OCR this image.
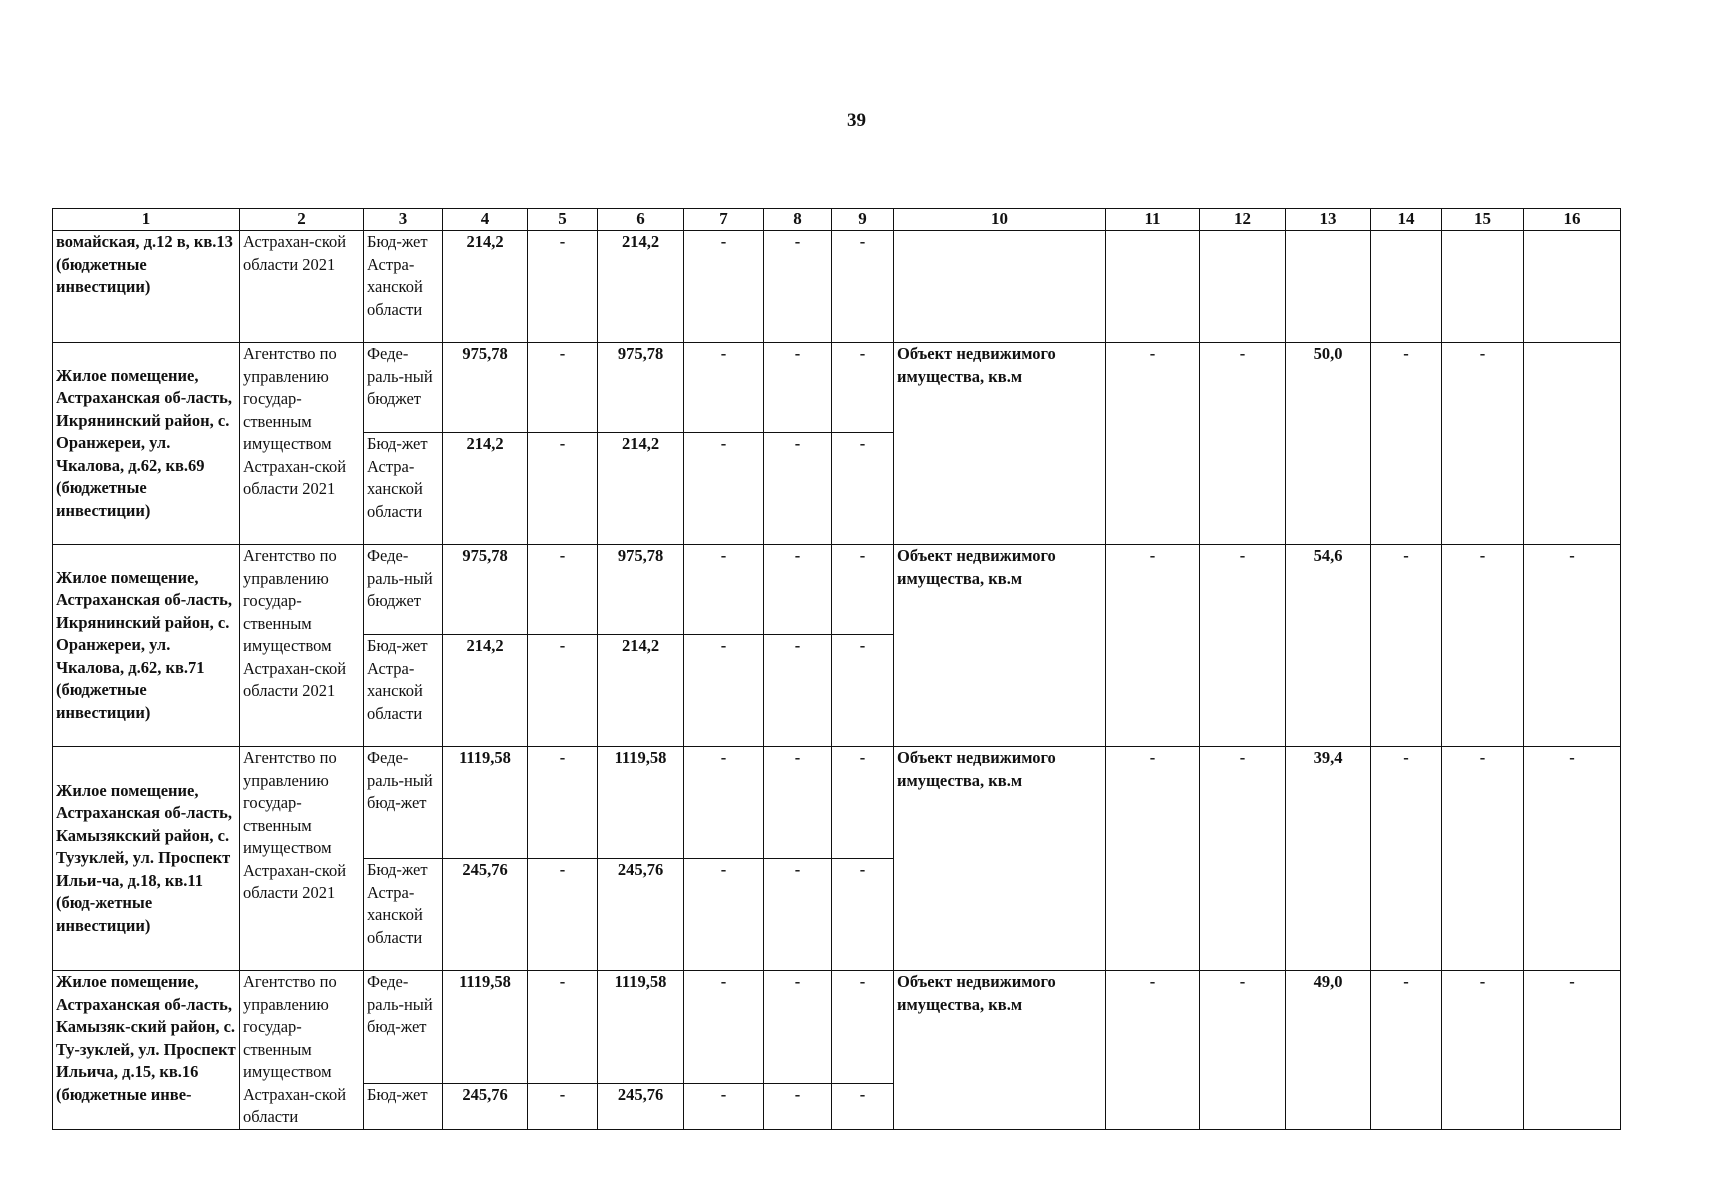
39
1	2	3	4	5	6	7	8	9	10	11	12	13	14	15	16
вомайская, д.12 в, кв.13 (бюджетные инвестиции)	Астрахан-ской области 2021	Бюд-жет Астра-ханской области	214,2	-	214,2	-	-	-							
Жилое помещение, Астраханская об-ласть, Икрянинский район, с. Оранжереи, ул. Чкалова, д.62, кв.69 (бюджетные инвестиции)	Агентство по управлению государ-ственным имуществом Астрахан-ской области 2021	Феде-раль-ный бюджет	975,78	-	975,78	-	-	-	Объект недвижимого имущества, кв.м	-	-	50,0	-	-	
		Бюд-жет Астра-ханской области	214,2	-	214,2	-	-	-							
Жилое помещение, Астраханская об-ласть, Икрянинский район, с. Оранжереи, ул. Чкалова, д.62, кв.71 (бюджетные инвестиции)	Агентство по управлению государ-ственным имуществом Астрахан-ской области 2021	Феде-раль-ный бюджет	975,78	-	975,78	-	-	-	Объект недвижимого имущества, кв.м	-	-	54,6	-	-	-
		Бюд-жет Астра-ханской области	214,2	-	214,2	-	-	-							
Жилое помещение, Астраханская об-ласть, Камызякский район, с. Тузуклей, ул. Проспект Ильи-ча, д.18, кв.11 (бюд-жетные инвестиции)	Агентство по управлению государ-ственным имуществом Астрахан-ской области 2021	Феде-раль-ный бюд-жет	1119,58	-	1119,58	-	-	-	Объект недвижимого имущества, кв.м	-	-	39,4	-	-	-
		Бюд-жет Астра-ханской области	245,76	-	245,76	-	-	-							
Жилое помещение, Астраханская об-ласть, Камызяк-ский район, с. Ту-зуклей, ул. Проспект Ильича, д.15, кв.16 (бюджетные инве-	Агентство по управлению государ-ственным имуществом Астрахан-ской области	Феде-раль-ный бюд-жет	1119,58	-	1119,58	-	-	-	Объект недвижимого имущества, кв.м	-	-	49,0	-	-	-
		Бюд-жет	245,76	-	245,76	-	-	-							
